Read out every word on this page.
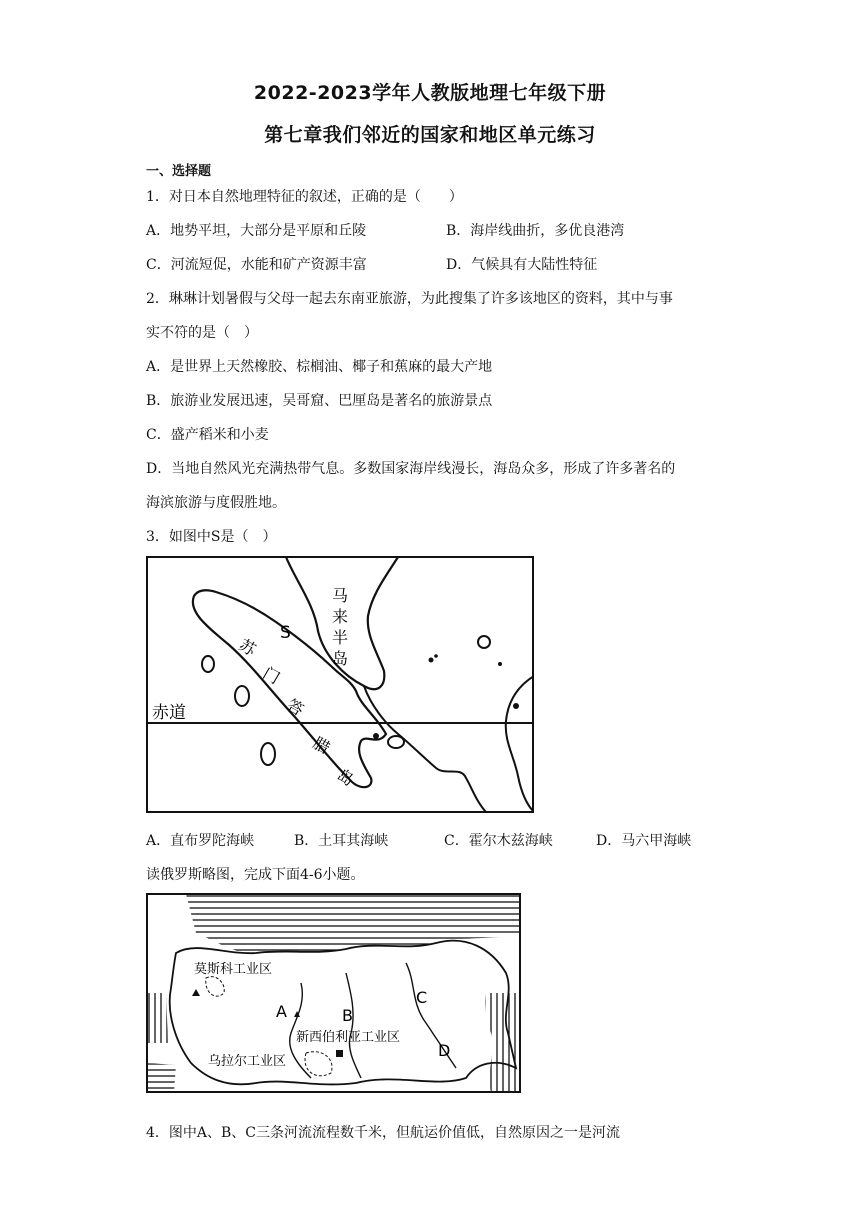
2022-2023学年人教版地理七年级下册
第七章我们邻近的国家和地区单元练习
一、选择题
1．对日本自然地理特征的叙述，正确的是（　　）
A．地势平坦，大部分是平原和丘陵	B．海岸线曲折，多优良港湾
C．河流短促，水能和矿产资源丰富	D．气候具有大陆性特征
2．琳琳计划暑假与父母一起去东南亚旅游，为此搜集了许多该地区的资料，其中与事
实不符的是（　）
A．是世界上天然橡胶、棕榈油、椰子和蕉麻的最大产地
B．旅游业发展迅速，吴哥窟、巴厘岛是著名的旅游景点
C．盛产稻米和小麦
D．当地自然风光充满热带气息。多数国家海岸线漫长，海岛众多，形成了许多著名的
海滨旅游与度假胜地。
3．如图中S是（　）
赤道
S
马
来
半
岛
苏
门
答
腊
岛
A．直布罗陀海峡	B．土耳其海峡	C．霍尔木兹海峡	D．马六甲海峡
读俄罗斯略图，完成下面4-6小题。
莫斯科工业区
A	B
C
D
新西伯利亚工业区
乌拉尔工业区
4．图中A、B、C三条河流流程数千米，但航运价值低，自然原因之一是河流
